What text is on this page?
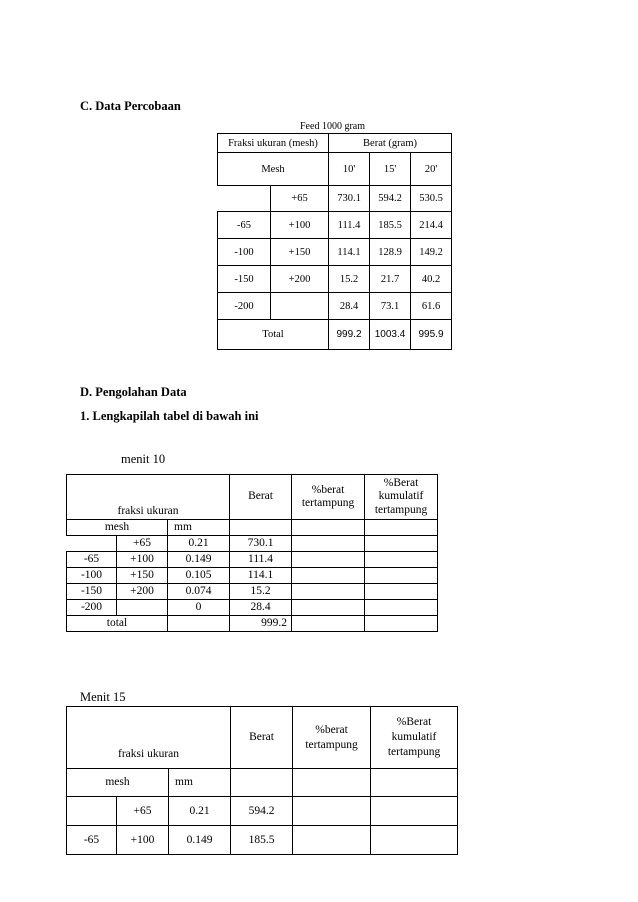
C. Data Percobaan
Feed 1000 gram
Fraksi ukuran (mesh)		Berat (gram)		
Mesh		10'	15'	20'
	+65	730.1	594.2	530.5
-65	+100	111.4	185.5	214.4
-100	+150	114.1	128.9	149.2
-150	+200	15.2	21.7	40.2
-200		28.4	73.1	61.6
Total		999.2	1003.4	995.9
D. Pengolahan Data
1. Lengkapilah tabel di bawah ini
menit 10
fraksi ukuran			Berat	%berat tertampung	%Berat
kumulatif
tertampung
mesh		mm			
	+65	0.21	730.1		
-65	+100	0.149	111.4		
-100	+150	0.105	114.1		
-150	+200	0.074	15.2		
-200		0	28.4		
total			999.2		
Menit 15
fraksi ukuran			Berat	%berat tertampung	%Berat
kumulatif
tertampung
mesh		mm			
	+65	0.21	594.2		
-65	+100	0.149	185.5		
